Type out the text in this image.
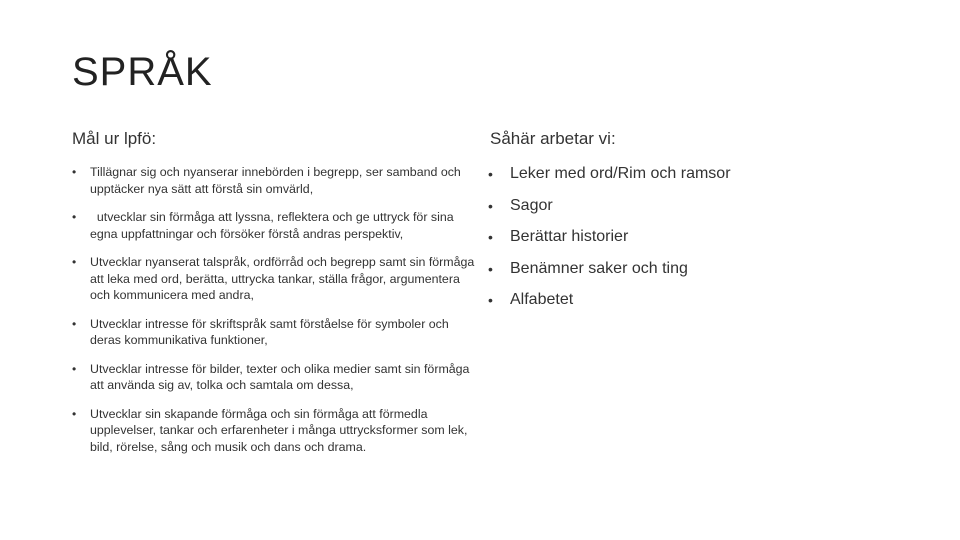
SPRÅK

Mål ur lpfö:

• Tillägnar sig och nyanserar innebörden i begrepp, ser samband och upptäcker nya sätt att förstå sin omvärld,
• utvecklar sin förmåga att lyssna, reflektera och ge uttryck för sina egna uppfattningar och försöker förstå andras perspektiv,
• Utvecklar nyanserat talspråk, ordförråd och begrepp samt sin förmåga att leka med ord, berätta, uttrycka tankar, ställa frågor, argumentera och kommunicera med andra,
• Utvecklar intresse för skriftspråk samt förståelse för symboler och deras kommunikativa funktioner,
• Utvecklar intresse för bilder, texter och olika medier samt sin förmåga att använda sig av, tolka och samtala om dessa,
• Utvecklar sin skapande förmåga och sin förmåga att förmedla upplevelser, tankar och erfarenheter i många uttrycksformer som lek, bild, rörelse, sång och musik och dans och drama.

Såhär arbetar vi:

• Leker med ord/Rim och ramsor
• Sagor
• Berättar historier
• Benämner saker och ting
• Alfabetet
